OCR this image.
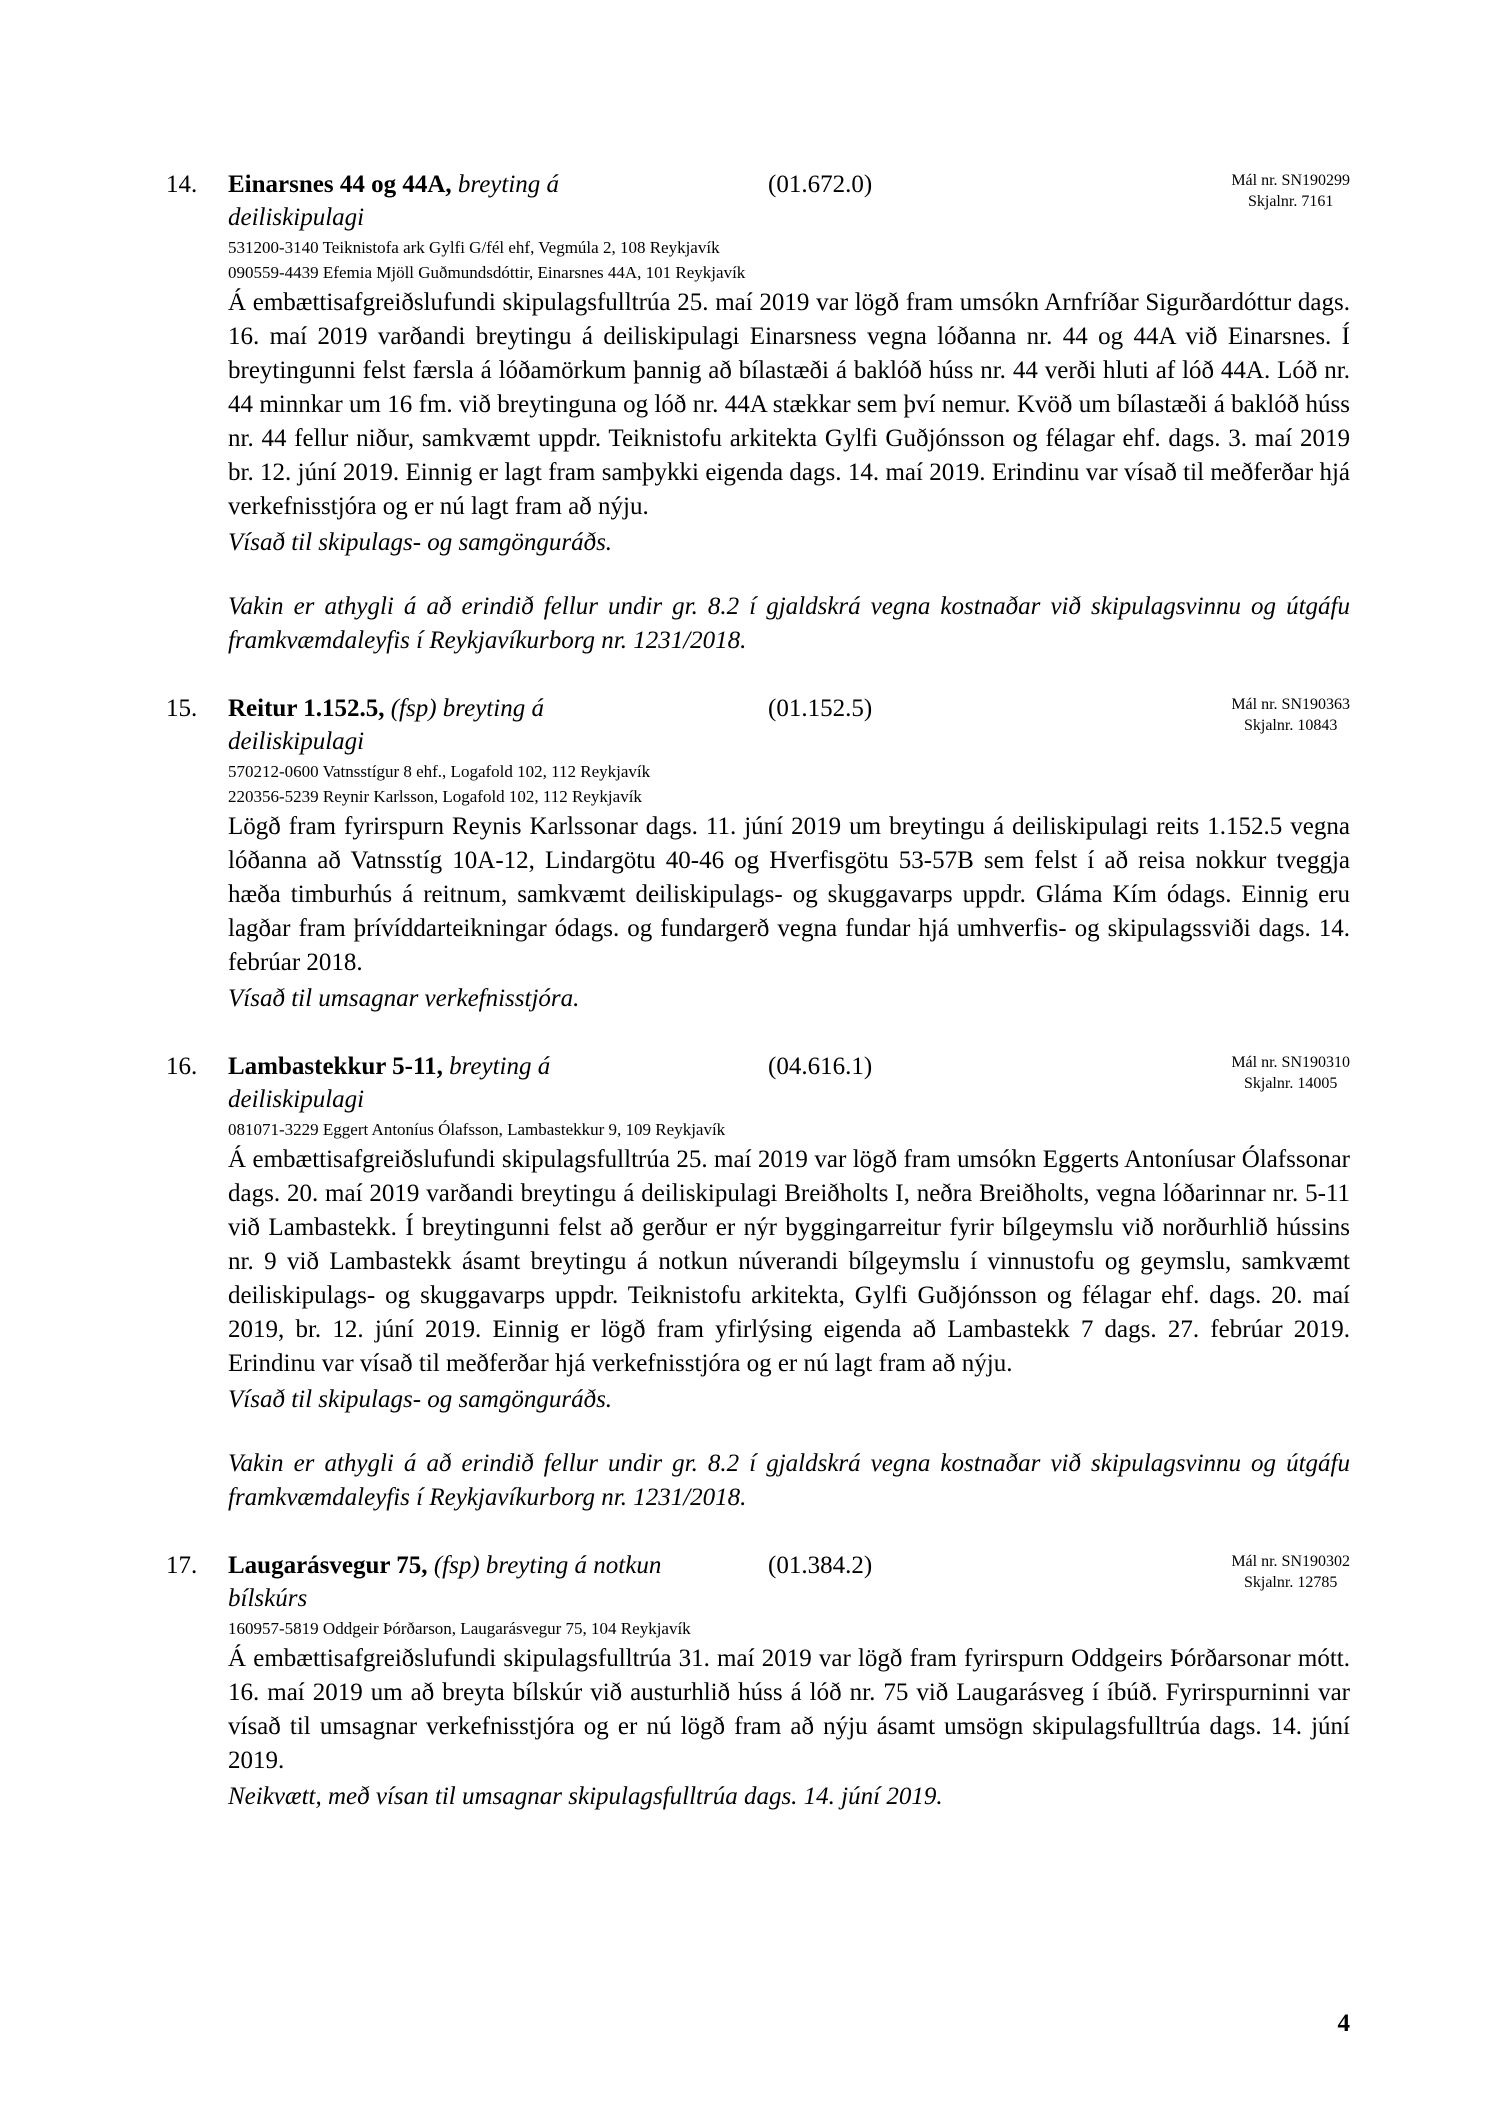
14.	Einarsnes 44 og 44A, breyting á	(01.672.0)
deiliskipulagi
Mál nr. SN190299
Skjalnr. 7161
531200-3140 Teiknistofa ark Gylfi G/fél ehf, Vegmúla 2, 108 Reykjavík
090559-4439 Efemia Mjöll Guðmundsdóttir, Einarsnes 44A, 101 Reykjavík
Á embættisafgreiðslufundi skipulagsfulltrúa 25. maí 2019 var lögð fram umsókn Arnfríðar Sigurðardóttur dags. 16. maí 2019 varðandi breytingu á deiliskipulagi Einarsness vegna lóðanna nr. 44 og 44A við Einarsnes. Í breytingunni felst færsla á lóðamörkum þannig að bílastæði á baklóð húss nr. 44 verði hluti af lóð 44A. Lóð nr. 44 minnkar um 16 fm. við breytinguna og lóð nr. 44A stækkar sem því nemur. Kvöð um bílastæði á baklóð húss nr. 44 fellur niður, samkvæmt uppdr. Teiknistofu arkitekta Gylfi Guðjónsson og félagar ehf. dags. 3. maí 2019 br. 12. júní 2019. Einnig er lagt fram samþykki eigenda dags. 14. maí 2019. Erindinu var vísað til meðferðar hjá verkefnisstjóra og er nú lagt fram að nýju.
Vísað til skipulags- og samgönguráðs.
Vakin er athygli á að erindið fellur undir gr. 8.2 í gjaldskrá vegna kostnaðar við skipulagsvinnu og útgáfu framkvæmdaleyfis í Reykjavíkurborg nr. 1231/2018.
15.	Reitur 1.152.5, (fsp) breyting á	(01.152.5)
deiliskipulagi
Mál nr. SN190363
Skjalnr. 10843
570212-0600 Vatnsstígur 8 ehf., Logafold 102, 112 Reykjavík
220356-5239 Reynir Karlsson, Logafold 102, 112 Reykjavík
Lögð fram fyrirspurn Reynis Karlssonar dags. 11. júní 2019 um breytingu á deiliskipulagi reits 1.152.5 vegna lóðanna að Vatnsstíg 10A-12, Lindargötu 40-46 og Hverfisgötu 53-57B sem felst í að reisa nokkur tveggja hæða timburhús á reitnum, samkvæmt deiliskipulags- og skuggavarps uppdr. Gláma Kím ódags. Einnig eru lagðar fram þrívíddarteikningar ódags. og fundargerð vegna fundar hjá umhverfis- og skipulagssviði dags. 14. febrúar 2018.
Vísað til umsagnar verkefnisstjóra.
16.	Lambastekkur 5-11, breyting á	(04.616.1)
deiliskipulagi
Mál nr. SN190310
Skjalnr. 14005
081071-3229 Eggert Antoníus Ólafsson, Lambastekkur 9, 109 Reykjavík
Á embættisafgreiðslufundi skipulagsfulltrúa 25. maí 2019 var lögð fram umsókn Eggerts Antoníusar Ólafssonar dags. 20. maí 2019 varðandi breytingu á deiliskipulagi Breiðholts I, neðra Breiðholts, vegna lóðarinnar nr. 5-11 við Lambastekk. Í breytingunni felst að gerður er nýr byggingarreitur fyrir bílgeymslu við norðurhlið hússins nr. 9 við Lambastekk ásamt breytingu á notkun núverandi bílgeymslu í vinnustofu og geymslu, samkvæmt deiliskipulags- og skuggavarps uppdr. Teiknistofu arkitekta, Gylfi Guðjónsson og félagar ehf. dags. 20. maí 2019, br. 12. júní 2019. Einnig er lögð fram yfirlýsing eigenda að Lambastekk 7 dags. 27. febrúar 2019. Erindinu var vísað til meðferðar hjá verkefnisstjóra og er nú lagt fram að nýju.
Vísað til skipulags- og samgönguráðs.
Vakin er athygli á að erindið fellur undir gr. 8.2 í gjaldskrá vegna kostnaðar við skipulagsvinnu og útgáfu framkvæmdaleyfis í Reykjavíkurborg nr. 1231/2018.
17.	Laugarásvegur 75, (fsp) breyting á notkun	(01.384.2)
bílskúrs
Mál nr. SN190302
Skjalnr. 12785
160957-5819 Oddgeir Þórðarson, Laugarásvegur 75, 104 Reykjavík
Á embættisafgreiðslufundi skipulagsfulltrúa 31. maí 2019 var lögð fram fyrirspurn Oddgeirs Þórðarsonar mótt. 16. maí 2019 um að breyta bílskúr við austurhlið húss á lóð nr. 75 við Laugarásveg í íbúð. Fyrirspurninni var vísað til umsagnar verkefnisstjóra og er nú lögð fram að nýju ásamt umsögn skipulagsfulltrúa dags. 14. júní 2019.
Neikvætt, með vísan til umsagnar skipulagsfulltrúa dags. 14. júní 2019.
4
